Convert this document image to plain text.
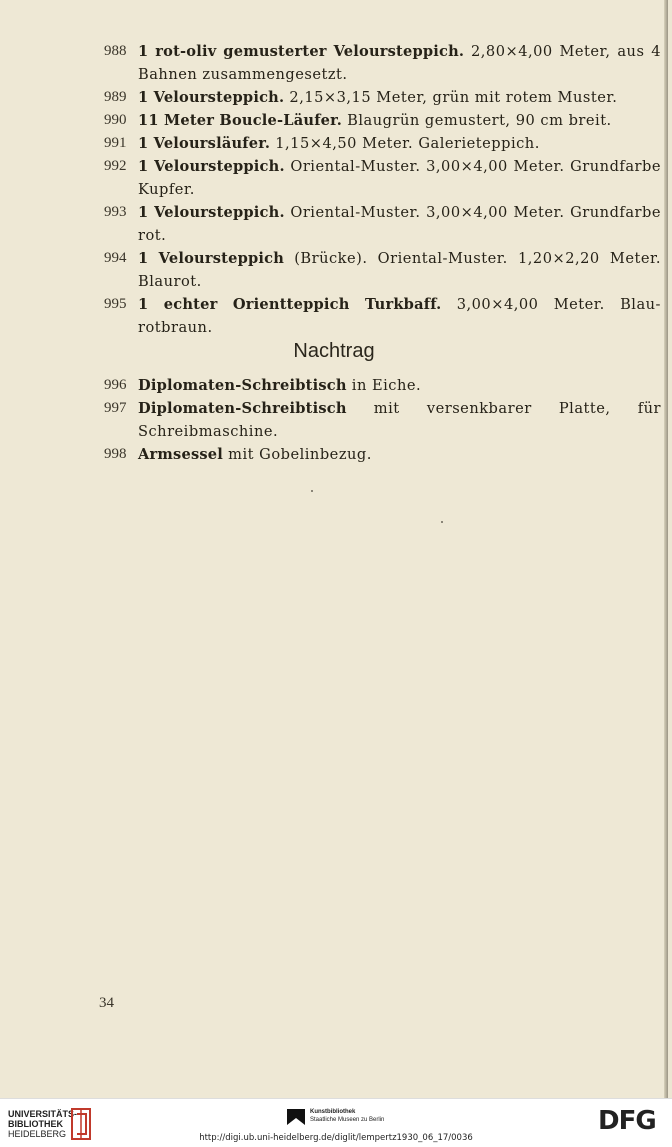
988 1 rot-oliv gemusterter Veloursteppich. 2,80×4,00 Meter, aus 4 Bahnen zusammengesetzt.
989 1 Veloursteppich. 2,15×3,15 Meter, grün mit rotem Muster.
990 11 Meter Boucle-Läufer. Blaugrün gemustert, 90 cm breit.
991 1 Veloursläufer. 1,15×4,50 Meter. Galerieteppich.
992 1 Veloursteppich. Oriental-Muster. 3,00×4,00 Meter. Grundfarbe Kupfer.
993 1 Veloursteppich. Oriental-Muster. 3,00×4,00 Meter. Grundfarbe rot.
994 1 Veloursteppich (Brücke). Oriental-Muster. 1,20×2,20 Meter. Blaurot.
995 1 echter Orientteppich Turkbaff. 3,00×4,00 Meter. Blau-rotbraun.
Nachtrag
996 Diplomaten-Schreibtisch in Eiche.
997 Diplomaten-Schreibtisch mit versenkbarer Platte, für Schreibmaschine.
998 Armsessel mit Gobelinbezug.
34
UNIVERSITÄTS-
BIBLIOTHEK
HEIDELBERG
Kunstbibliothek
Staatliche Museen zu Berlin	DFG
http://digi.ub.uni-heidelberg.de/diglit/lempertz1930_06_17/0036
